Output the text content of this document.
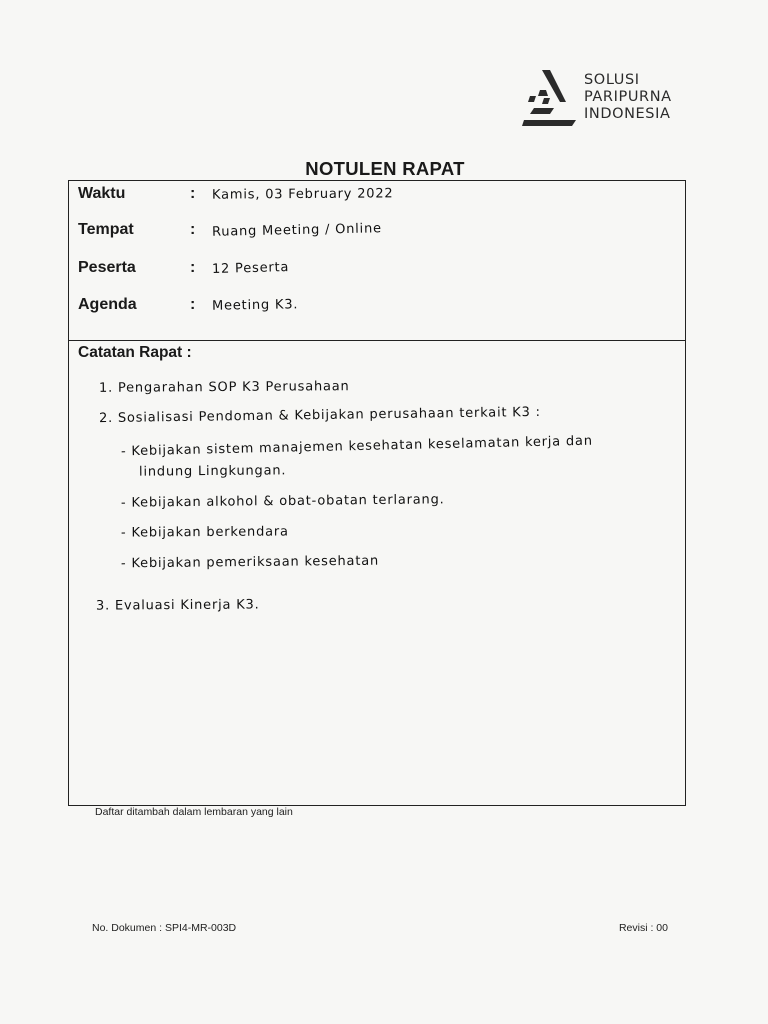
SOLUSI
PARIPURNA
INDONESIA
NOTULEN RAPAT
Waktu	: Kamis, 03 February 2022
Tempat	: Ruang Meeting / Online
Peserta	: 12 Peserta
Agenda	: Meeting K3.
Catatan Rapat :
1. Pengarahan SOP K3 Perusahaan
2. Sosialisasi Pendoman & Kebijakan perusahaan terkait K3 :
- Kebijakan sistem manajemen kesehatan keselamatan kerja dan
lindung Lingkungan.
- Kebijakan alkohol & obat-obatan terlarang.
- Kebijakan berkendara
- Kebijakan pemeriksaan kesehatan
3. Evaluasi Kinerja K3.
Daftar ditambah dalam lembaran yang lain
No. Dokumen : SPI4-MR-003D	Revisi : 00
